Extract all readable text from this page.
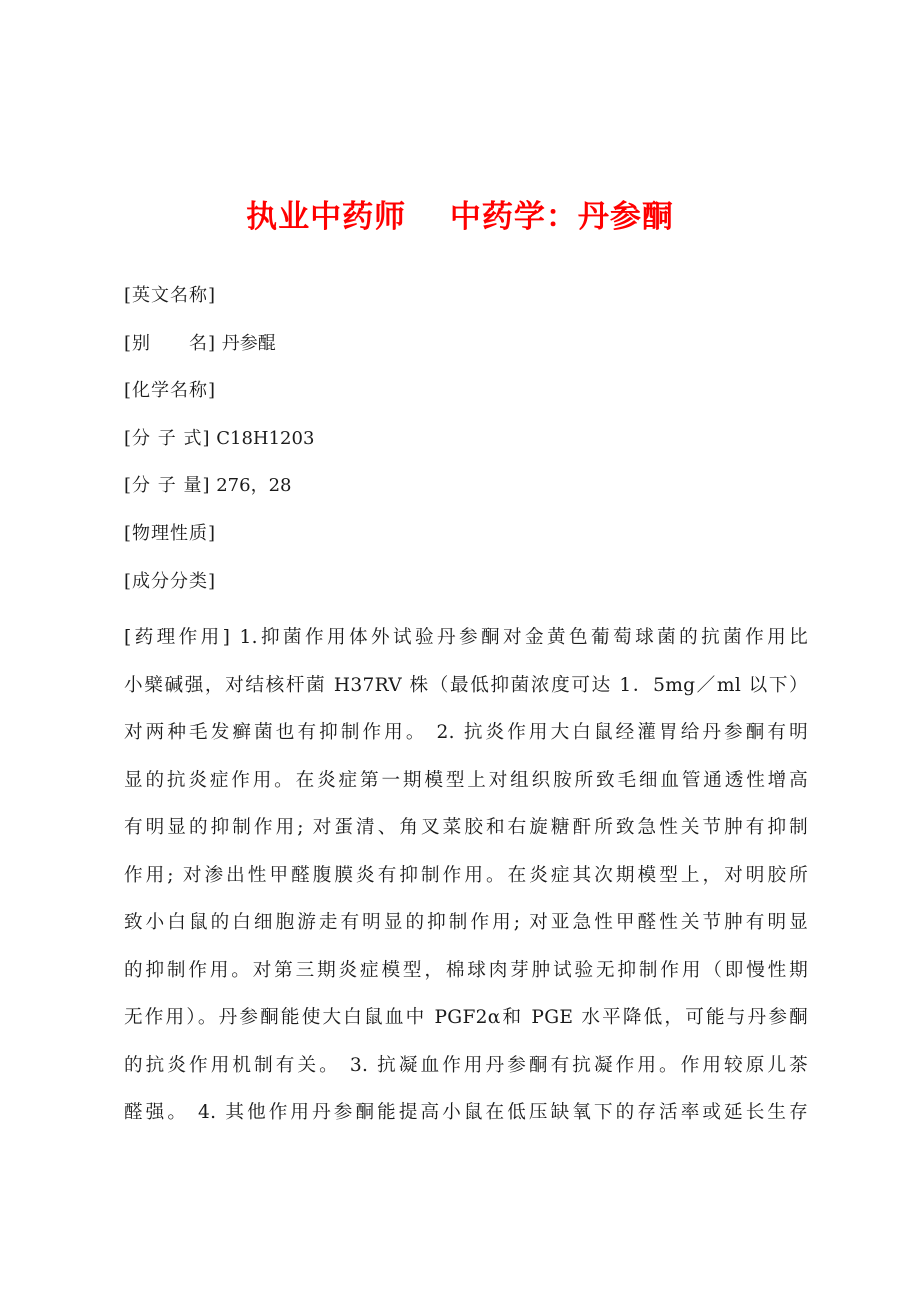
执业中药师　 中药学：丹参酮
[英文名称]
[别　　名] 丹参醌
[化学名称]
[分 子 式] C18H1203
[分 子 量] 276，28
[物理性质]
[成分分类]
[药理作用] 1.抑菌作用体外试验丹参酮对金黄色葡萄球菌的抗菌作用比
小檗碱强，对结核杆菌 H37RV 株（最低抑菌浓度可达 1．5mg／ml 以下）
对两种毛发癣菌也有抑制作用。 2. 抗炎作用大白鼠经灌胃给丹参酮有明
显的抗炎症作用。在炎症第一期模型上对组织胺所致毛细血管通透性增高
有明显的抑制作用; 对蛋清、角叉菜胶和右旋糖酐所致急性关节肿有抑制
作用; 对渗出性甲醛腹膜炎有抑制作用。在炎症其次期模型上，对明胶所
致小白鼠的白细胞游走有明显的抑制作用; 对亚急性甲醛性关节肿有明显
的抑制作用。对第三期炎症模型，棉球肉芽肿试验无抑制作用（即慢性期
无作用）。丹参酮能使大白鼠血中 PGF2α和 PGE 水平降低，可能与丹参酮
的抗炎作用机制有关。 3. 抗凝血作用丹参酮有抗凝作用。作用较原儿茶
醛强。 4. 其他作用丹参酮能提高小鼠在低压缺氧下的存活率或延长生存
